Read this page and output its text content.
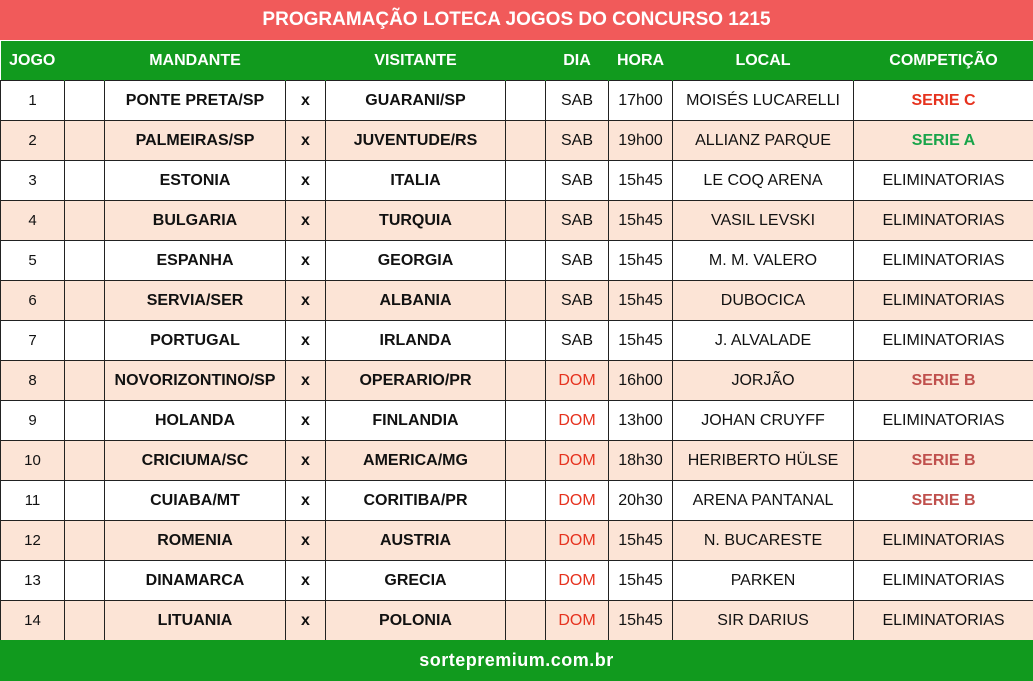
PROGRAMAÇÃO LOTECA JOGOS DO CONCURSO 1215
JOGO		MANDANTE		VISITANTE		DIA	HORA	LOCAL	COMPETIÇÃO
1		PONTE PRETA/SP	x	GUARANI/SP		SAB	17h00	MOISÉS LUCARELLI	SERIE C
2		PALMEIRAS/SP	x	JUVENTUDE/RS		SAB	19h00	ALLIANZ PARQUE	SERIE A
3		ESTONIA	x	ITALIA		SAB	15h45	LE COQ ARENA	ELIMINATORIAS
4		BULGARIA	x	TURQUIA		SAB	15h45	VASIL LEVSKI	ELIMINATORIAS
5		ESPANHA	x	GEORGIA		SAB	15h45	M. M. VALERO	ELIMINATORIAS
6		SERVIA/SER	x	ALBANIA		SAB	15h45	DUBOCICA	ELIMINATORIAS
7		PORTUGAL	x	IRLANDA		SAB	15h45	J. ALVALADE	ELIMINATORIAS
8		NOVORIZONTINO/SP	x	OPERARIO/PR		DOM	16h00	JORJÃO	SERIE B
9		HOLANDA	x	FINLANDIA		DOM	13h00	JOHAN CRUYFF	ELIMINATORIAS
10		CRICIUMA/SC	x	AMERICA/MG		DOM	18h30	HERIBERTO HÜLSE	SERIE B
11		CUIABA/MT	x	CORITIBA/PR		DOM	20h30	ARENA PANTANAL	SERIE B
12		ROMENIA	x	AUSTRIA		DOM	15h45	N. BUCARESTE	ELIMINATORIAS
13		DINAMARCA	x	GRECIA		DOM	15h45	PARKEN	ELIMINATORIAS
14		LITUANIA	x	POLONIA		DOM	15h45	SIR DARIUS	ELIMINATORIAS
sortepremium.com.br
